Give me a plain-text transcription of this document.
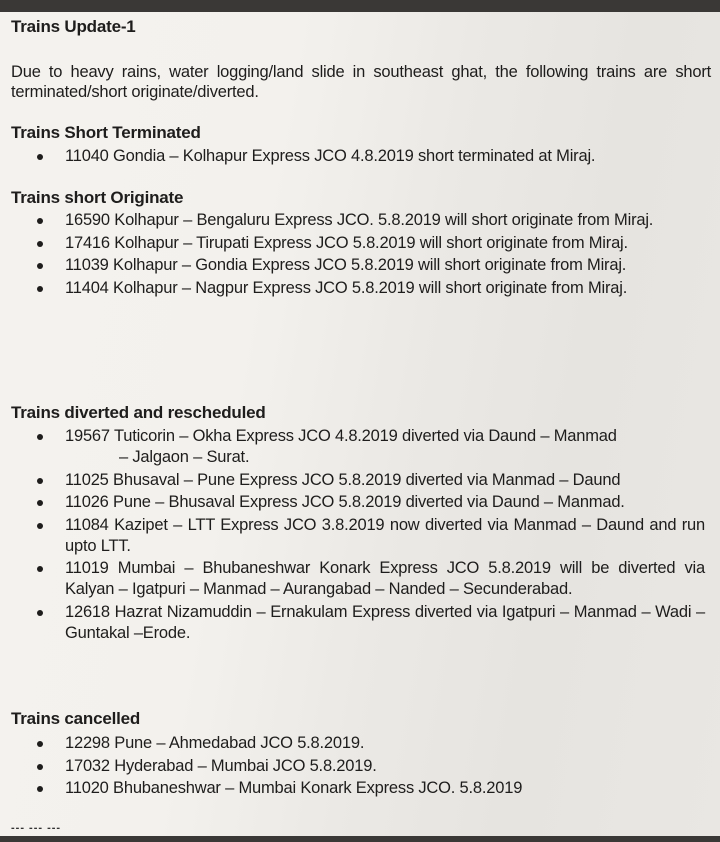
Trains Update-1
Due to heavy rains, water logging/land slide in southeast ghat, the following trains are short terminated/short originate/diverted.
Trains Short Terminated
11040 Gondia – Kolhapur Express JCO 4.8.2019 short terminated at Miraj.
Trains short Originate
16590 Kolhapur – Bengaluru Express JCO. 5.8.2019 will short originate from Miraj.
17416 Kolhapur – Tirupati Express JCO 5.8.2019 will short originate from Miraj.
11039 Kolhapur – Gondia Express JCO 5.8.2019 will short originate from Miraj.
11404 Kolhapur – Nagpur Express JCO 5.8.2019 will short originate from Miraj.
Trains diverted and rescheduled
19567 Tuticorin – Okha Express JCO 4.8.2019 diverted via Daund – Manmad
– Jalgaon – Surat.
11025 Bhusaval – Pune Express JCO 5.8.2019 diverted via Manmad – Daund
11026 Pune – Bhusaval Express JCO 5.8.2019 diverted via Daund – Manmad.
11084 Kazipet – LTT Express JCO 3.8.2019 now diverted via Manmad – Daund and run upto LTT.
11019 Mumbai – Bhubaneshwar Konark Express JCO 5.8.2019 will be diverted via Kalyan – Igatpuri – Manmad – Aurangabad – Nanded – Secunderabad.
12618 Hazrat Nizamuddin – Ernakulam Express diverted via Igatpuri – Manmad – Wadi – Guntakal –Erode.
Trains cancelled
12298 Pune – Ahmedabad JCO 5.8.2019.
17032 Hyderabad – Mumbai JCO 5.8.2019.
11020 Bhubaneshwar – Mumbai Konark Express JCO. 5.8.2019
--- --- ---
